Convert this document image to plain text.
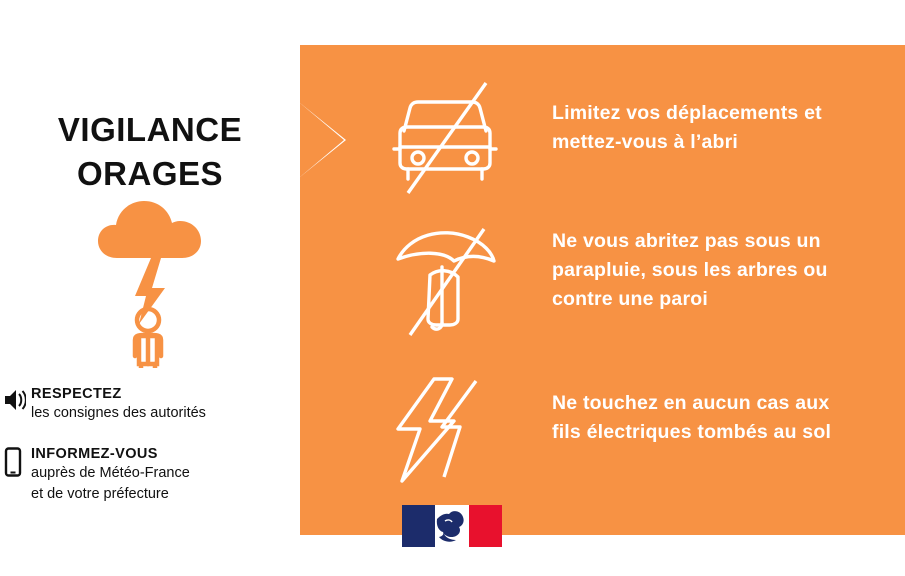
VIGILANCE
ORAGES
RESPECTEZ
les consignes des autorités
INFORMEZ-VOUS
auprès de Météo-France
et de votre préfecture
Limitez vos déplacements et
mettez-vous à l’abri
Ne vous abritez pas sous un
parapluie, sous les arbres ou
contre une paroi
Ne touchez en aucun cas aux
fils électriques tombés au sol
